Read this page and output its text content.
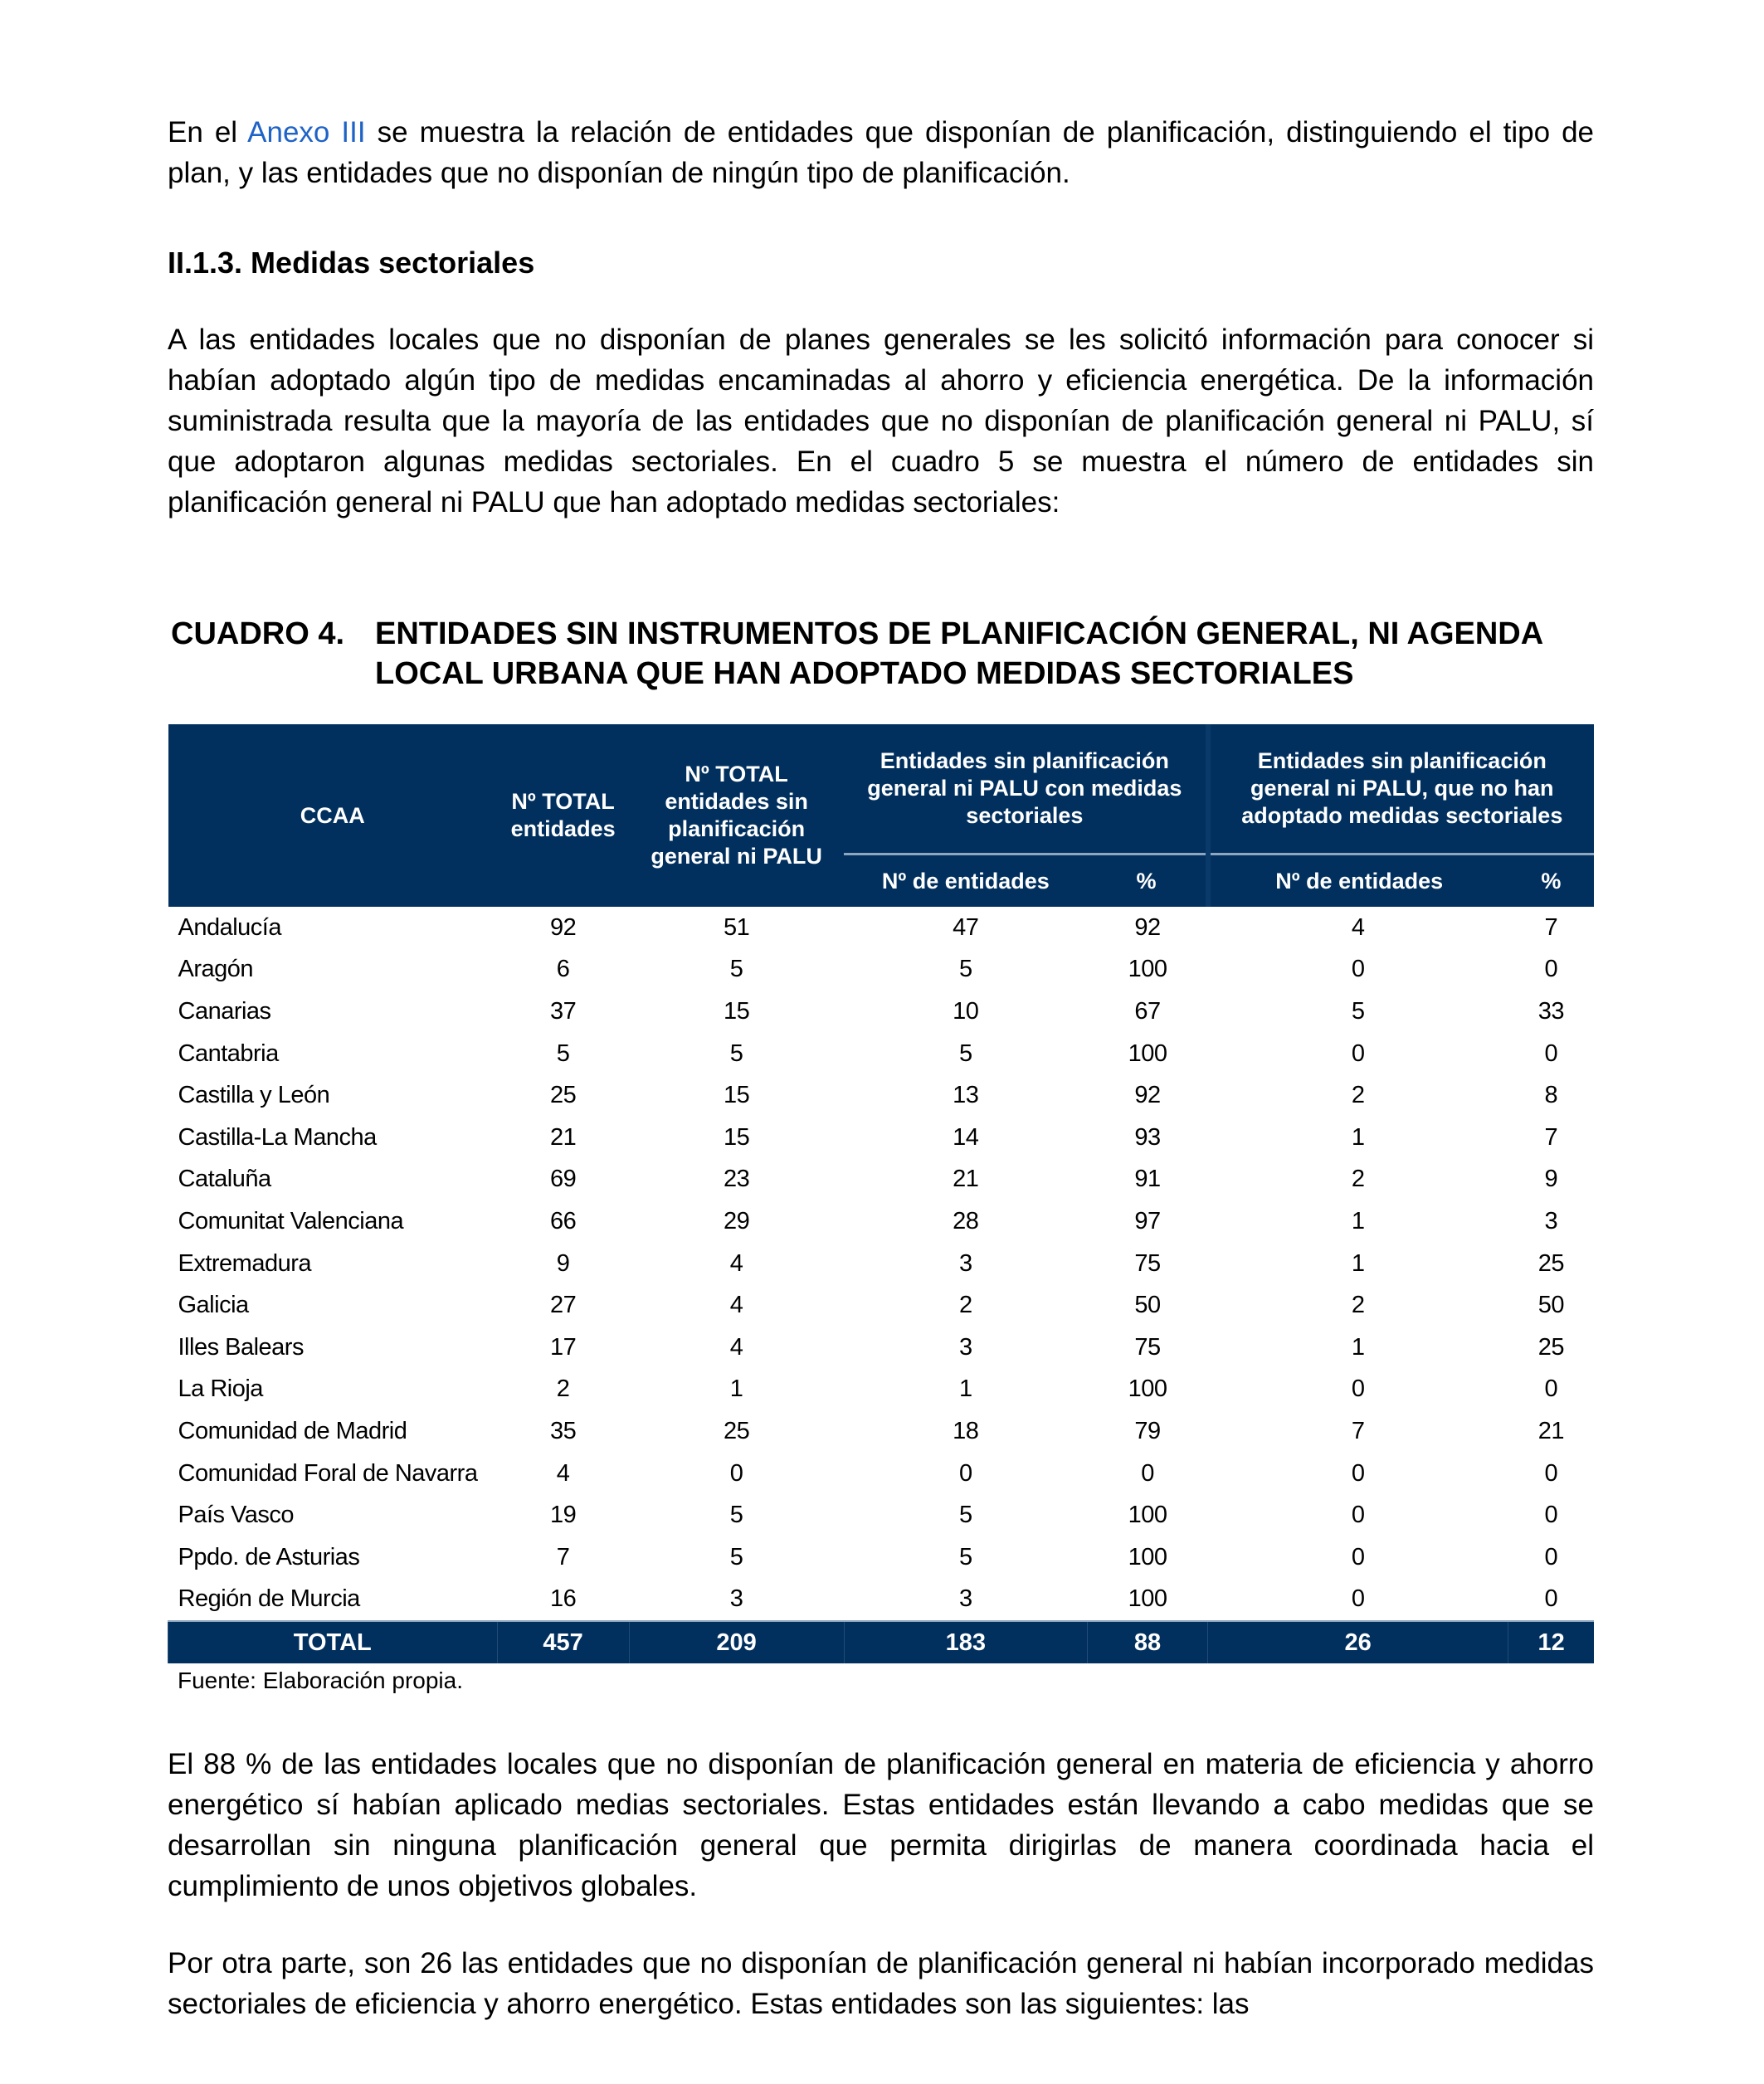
En el Anexo III se muestra la relación de entidades que disponían de planificación, distinguiendo el tipo de plan, y las entidades que no disponían de ningún tipo de planificación.

II.1.3. Medidas sectoriales

A las entidades locales que no disponían de planes generales se les solicitó información para conocer si habían adoptado algún tipo de medidas encaminadas al ahorro y eficiencia energética. De la información suministrada resulta que la mayoría de las entidades que no disponían de planificación general ni PALU, sí que adoptaron algunas medidas sectoriales. En el cuadro 5 se muestra el número de entidades sin planificación general ni PALU que han adoptado medidas sectoriales:

CUADRO 4. ENTIDADES SIN INSTRUMENTOS DE PLANIFICACIÓN GENERAL, NI AGENDA
LOCAL URBANA QUE HAN ADOPTADO MEDIDAS SECTORIALES
CCAA	Nº TOTAL entidades	Nº TOTAL entidades sin planificación general ni PALU	Entidades sin planificación general ni PALU con medidas sectoriales		Entidades sin planificación general ni PALU, que no han adoptado medidas sectoriales	
			Nº de entidades	%	Nº de entidades	%
Andalucía	92	51	47	92	4	7
Aragón	6	5	5	100	0	0
Canarias	37	15	10	67	5	33
Cantabria	5	5	5	100	0	0
Castilla y León	25	15	13	92	2	8
Castilla-La Mancha	21	15	14	93	1	7
Cataluña	69	23	21	91	2	9
Comunitat Valenciana	66	29	28	97	1	3
Extremadura	9	4	3	75	1	25
Galicia	27	4	2	50	2	50
Illes Balears	17	4	3	75	1	25
La Rioja	2	1	1	100	0	0
Comunidad de Madrid	35	25	18	79	7	21
Comunidad Foral de Navarra	4	0	0	0	0	0
País Vasco	19	5	5	100	0	0
Ppdo. de Asturias	7	5	5	100	0	0
Región de Murcia	16	3	3	100	0	0
TOTAL	457	209	183	88	26	12
Fuente: Elaboración propia.

El 88 % de las entidades locales que no disponían de planificación general en materia de eficiencia y ahorro energético sí habían aplicado medias sectoriales. Estas entidades están llevando a cabo medidas que se desarrollan sin ninguna planificación general que permita dirigirlas de manera coordinada hacia el cumplimiento de unos objetivos globales.

Por otra parte, son 26 las entidades que no disponían de planificación general ni habían incorporado medidas sectoriales de eficiencia y ahorro energético. Estas entidades son las siguientes: las
